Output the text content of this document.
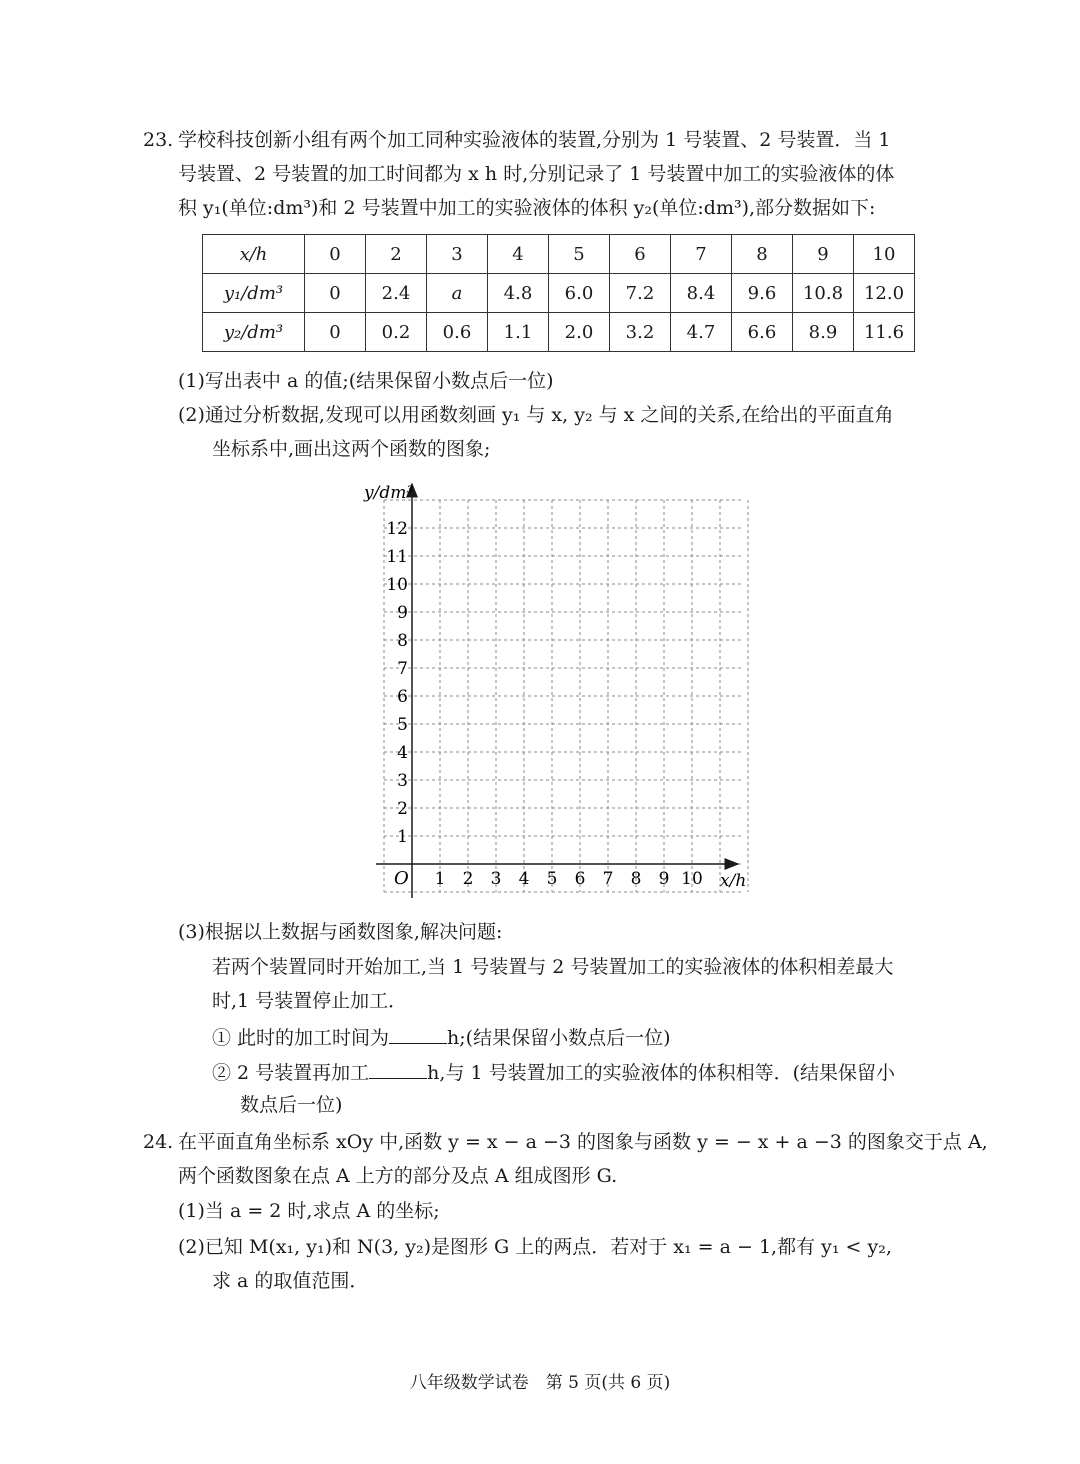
23. 学校科技创新小组有两个加工同种实验液体的装置,分别为 1 号装置、2 号装置．当 1
号装置、2 号装置的加工时间都为 x h 时,分别记录了 1 号装置中加工的实验液体的体
积 y₁(单位:dm³)和 2 号装置中加工的实验液体的体积 y₂(单位:dm³),部分数据如下:
x/h	0	2	3	4	5	6	7	8	9	10
y₁/dm³	0	2.4	a	4.8	6.0	7.2	8.4	9.6	10.8	12.0
y₂/dm³	0	0.2	0.6	1.1	2.0	3.2	4.7	6.6	8.9	11.6
(1)写出表中 a 的值;(结果保留小数点后一位)
(2)通过分析数据,发现可以用函数刻画 y₁ 与 x, y₂ 与 x 之间的关系,在给出的平面直角
坐标系中,画出这两个函数的图象;
1 2 3 4 5 6 7 8 9 10
1
2
3
4
5
6
7
8
9
10
11
12
O	x/h
y/dm³
(3)根据以上数据与函数图象,解决问题:
若两个装置同时开始加工,当 1 号装置与 2 号装置加工的实验液体的体积相差最大
时,1 号装置停止加工．
① 此时的加工时间为	h;(结果保留小数点后一位)
② 2 号装置再加工	h,与 1 号装置加工的实验液体的体积相等．(结果保留小
数点后一位)
24. 在平面直角坐标系 xOy 中,函数 y = x − a −3 的图象与函数 y = − x + a −3 的图象交于点 A,
两个函数图象在点 A 上方的部分及点 A 组成图形 G.
(1)当 a = 2 时,求点 A 的坐标;
(2)已知 M(x₁, y₁)和 N(3, y₂)是图形 G 上的两点．若对于 x₁ = a − 1,都有 y₁ < y₂,
求 a 的取值范围．
八年级数学试卷　第 5 页(共 6 页)
